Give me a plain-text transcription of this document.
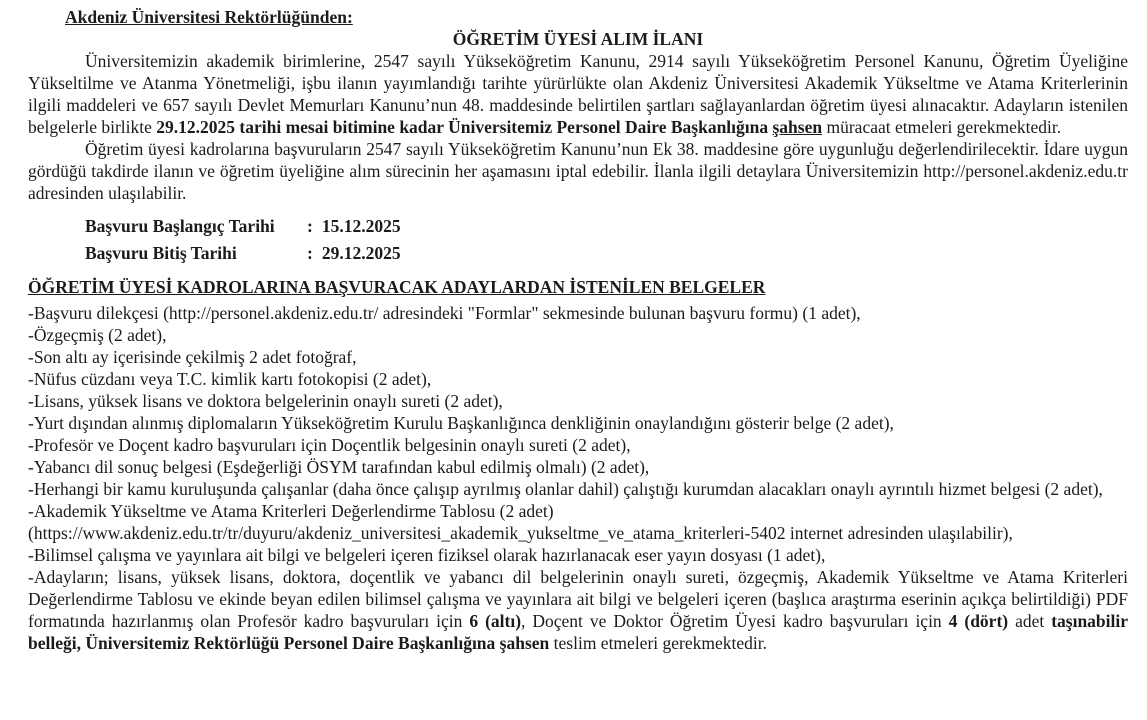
Akdeniz Üniversitesi Rektörlüğünden:

ÖĞRETİM ÜYESİ ALIM İLANI

Üniversitemizin akademik birimlerine, 2547 sayılı Yükseköğretim Kanunu, 2914 sayılı Yükseköğretim Personel Kanunu, Öğretim Üyeliğine Yükseltilme ve Atanma Yönetmeliği, işbu ilanın yayımlandığı tarihte yürürlükte olan Akdeniz Üniversitesi Akademik Yükseltme ve Atama Kriterlerinin ilgili maddeleri ve 657 sayılı Devlet Memurları Kanunu’nun 48. maddesinde belirtilen şartları sağlayanlardan öğretim üyesi alınacaktır. Adayların istenilen belgelerle birlikte 29.12.2025 tarihi mesai bitimine kadar Üniversitemiz Personel Daire Başkanlığına şahsen müracaat etmeleri gerekmektedir.

Öğretim üyesi kadrolarına başvuruların 2547 sayılı Yükseköğretim Kanunu’nun Ek 38. maddesine göre uygunluğu değerlendirilecektir. İdare uygun gördüğü takdirde ilanın ve öğretim üyeliğine alım sürecinin her aşamasını iptal edebilir. İlanla ilgili detaylara Üniversitemizin http://personel.akdeniz.edu.tr adresinden ulaşılabilir.

Başvuru Başlangıç Tarihi	: 15.12.2025
Başvuru Bitiş Tarihi	: 29.12.2025

ÖĞRETİM ÜYESİ KADROLARINA BAŞVURACAK ADAYLARDAN İSTENİLEN BELGELER

-Başvuru dilekçesi (http://personel.akdeniz.edu.tr/ adresindeki "Formlar" sekmesinde bulunan başvuru formu) (1 adet),

-Özgeçmiş (2 adet),

-Son altı ay içerisinde çekilmiş 2 adet fotoğraf,

-Nüfus cüzdanı veya T.C. kimlik kartı fotokopisi (2 adet),

-Lisans, yüksek lisans ve doktora belgelerinin onaylı sureti (2 adet),

-Yurt dışından alınmış diplomaların Yükseköğretim Kurulu Başkanlığınca denkliğinin onaylandığını gösterir belge (2 adet),

-Profesör ve Doçent kadro başvuruları için Doçentlik belgesinin onaylı sureti (2 adet),

-Yabancı dil sonuç belgesi (Eşdeğerliği ÖSYM tarafından kabul edilmiş olmalı) (2 adet),

-Herhangi bir kamu kuruluşunda çalışanlar (daha önce çalışıp ayrılmış olanlar dahil) çalıştığı kurumdan alacakları onaylı ayrıntılı hizmet belgesi (2 adet),

-Akademik Yükseltme ve Atama Kriterleri Değerlendirme Tablosu (2 adet)

(https://www.akdeniz.edu.tr/tr/duyuru/akdeniz_universitesi_akademik_yukseltme_ve_atama_kriterleri-5402 internet adresinden ulaşılabilir),

-Bilimsel çalışma ve yayınlara ait bilgi ve belgeleri içeren fiziksel olarak hazırlanacak eser yayın dosyası (1 adet),

-Adayların; lisans, yüksek lisans, doktora, doçentlik ve yabancı dil belgelerinin onaylı sureti, özgeçmiş, Akademik Yükseltme ve Atama Kriterleri Değerlendirme Tablosu ve ekinde beyan edilen bilimsel çalışma ve yayınlara ait bilgi ve belgeleri içeren (başlıca araştırma eserinin açıkça belirtildiği) PDF formatında hazırlanmış olan Profesör kadro başvuruları için 6 (altı), Doçent ve Doktor Öğretim Üyesi kadro başvuruları için 4 (dört) adet taşınabilir belleği, Üniversitemiz Rektörlüğü Personel Daire Başkanlığına şahsen teslim etmeleri gerekmektedir.
